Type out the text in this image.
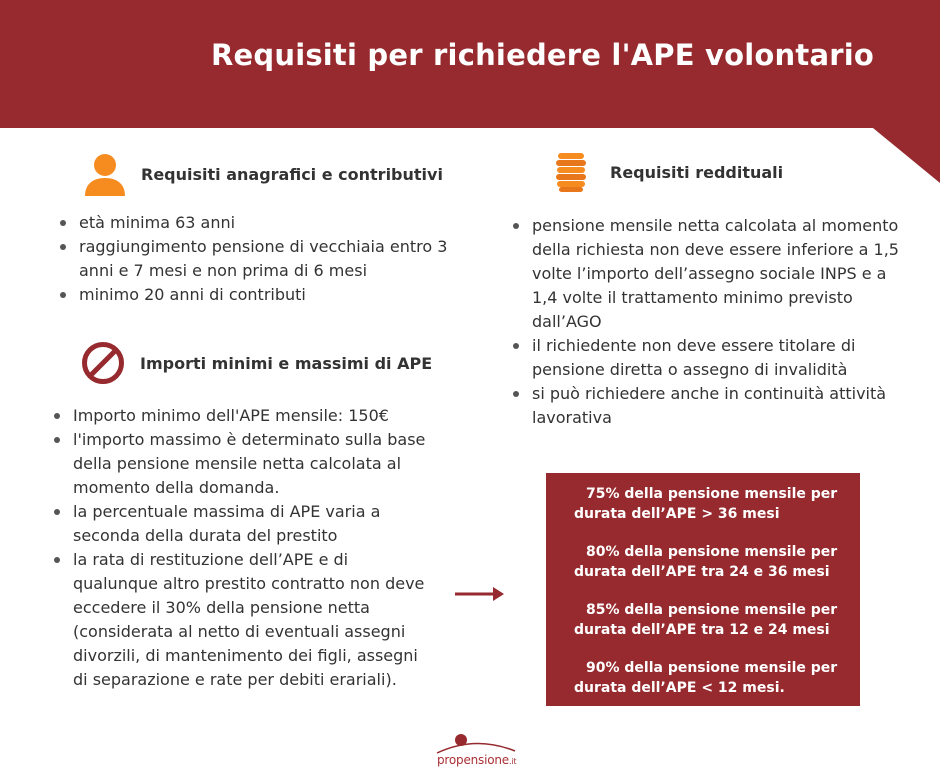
Requisiti per richiedere l'APE volontario
Requisiti anagrafici e contributivi
età minima 63 anni
raggiungimento pensione di vecchiaia entro 3 anni e 7 mesi e non prima di 6 mesi
minimo 20 anni di contributi
Requisiti reddituali
pensione mensile netta calcolata al momento della richiesta non deve essere inferiore a 1,5 volte l’importo dell’assegno sociale INPS e a 1,4 volte il trattamento minimo previsto dall’AGO
il richiedente non deve essere titolare di pensione diretta o assegno di invalidità
si può richiedere anche in continuità attività lavorativa
Importi minimi e massimi di APE
Importo minimo dell'APE mensile: 150€
l'importo massimo è determinato sulla base della pensione mensile netta calcolata al momento della domanda.
la percentuale massima di APE varia a seconda della durata del prestito
la rata di restituzione dell’APE e di qualunque altro prestito contratto non deve eccedere il 30% della pensione netta (considerata al netto di eventuali assegni divorzili, di mantenimento dei figli, assegni di separazione e rate per debiti erariali).

75% della pensione mensile per durata dell’APE > 36 mesi

80% della pensione mensile per durata dell’APE tra 24 e 36 mesi

85% della pensione mensile per durata dell’APE tra 12 e 24 mesi

90% della pensione mensile per durata dell’APE < 12 mesi.

propensione.it
